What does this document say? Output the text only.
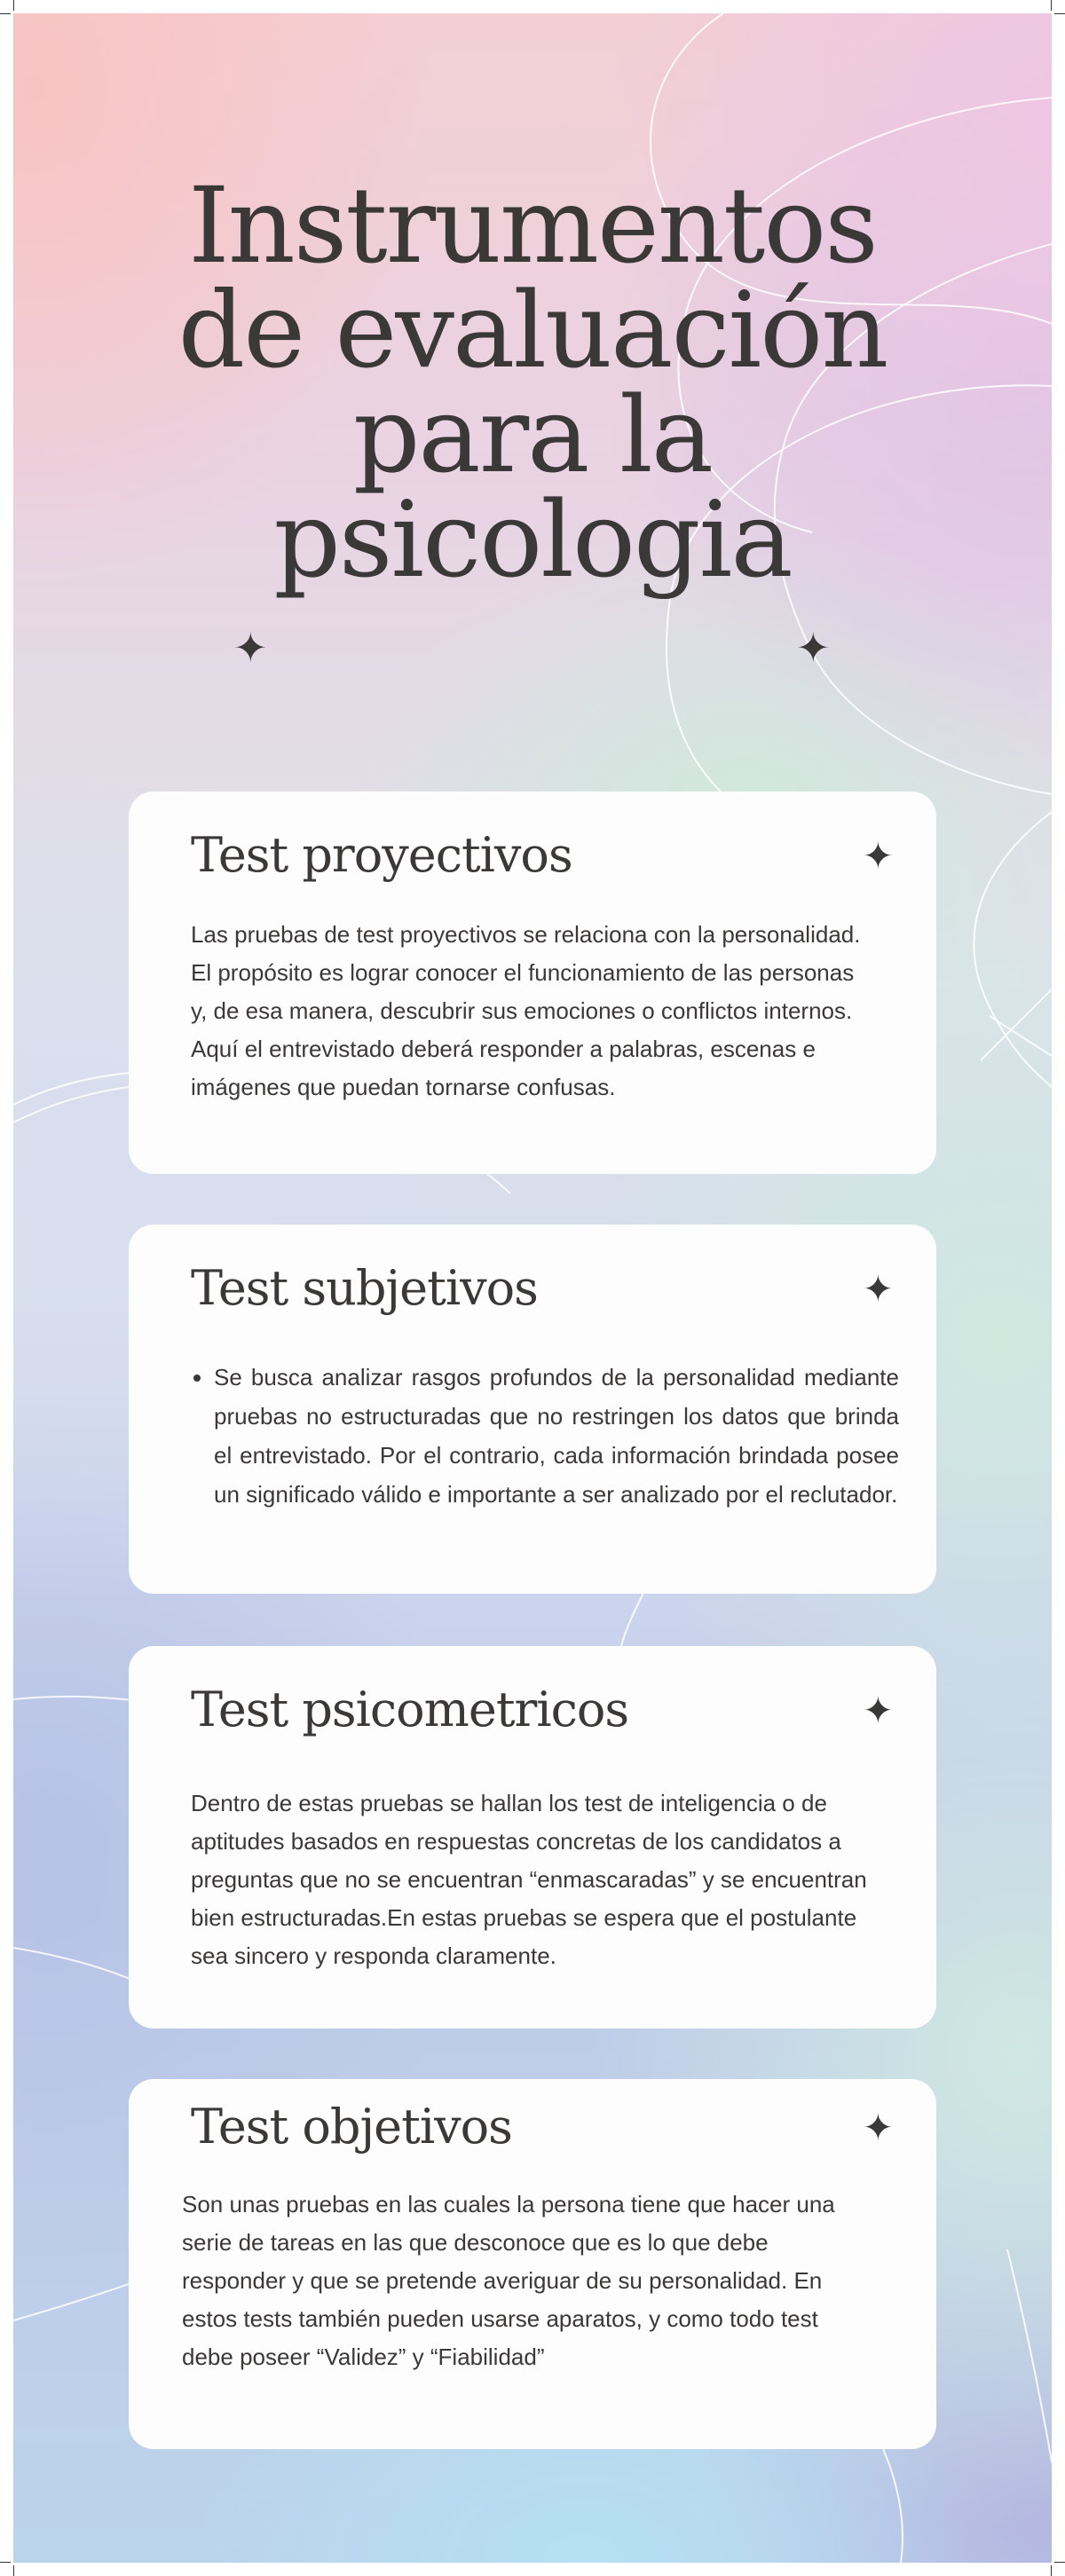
Instrumentos
de evaluación
para la
psicologia
✦	✦
Test proyectivos	✦

Las pruebas de test proyectivos se relaciona con la personalidad. El propósito es lograr conocer el funcionamiento de las personas y, de esa manera, descubrir sus emociones o conflictos internos. Aquí el entrevistado deberá responder a palabras, escenas e imágenes que puedan tornarse confusas.

Test subjetivos	✦
• Se busca analizar rasgos profundos de la personalidad mediante pruebas no estructuradas que no restringen los datos que brinda el entrevistado. Por el contrario, cada información brindada posee un significado válido e importante a ser analizado por el reclutador.
Test psicometricos	✦

Dentro de estas pruebas se hallan los test de inteligencia o de aptitudes basados en respuestas concretas de los candidatos a preguntas que no se encuentran “enmascaradas” y se encuentran bien estructuradas.En estas pruebas se espera que el postulante sea sincero y responda claramente.

Test objetivos	✦

Son unas pruebas en las cuales la persona tiene que hacer una serie de tareas en las que desconoce que es lo que debe responder y que se pretende averiguar de su personalidad. En estos tests también pueden usarse aparatos, y como todo test debe poseer “Validez” y “Fiabilidad”
